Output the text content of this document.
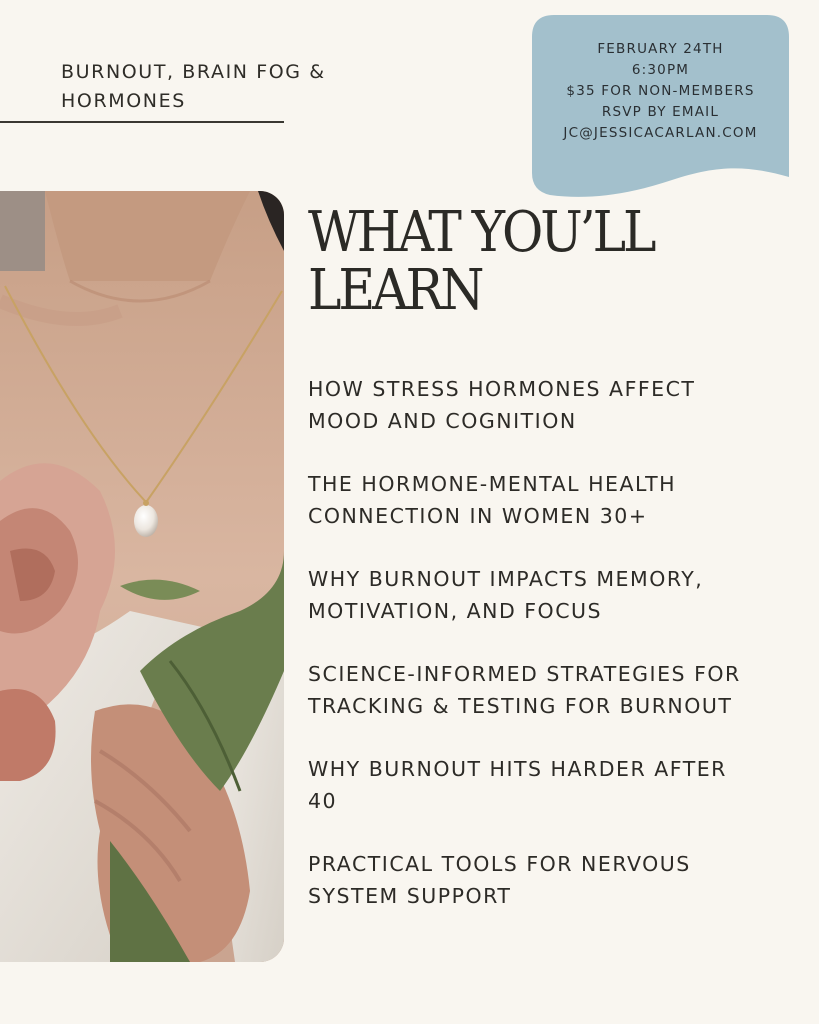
BURNOUT, BRAIN FOG &
HORMONES
FEBRUARY 24TH
6:30PM
$35 FOR NON-MEMBERS
RSVP BY EMAIL
JC@JESSICACARLAN.COM
WHAT YOU’LL
LEARN
HOW STRESS HORMONES AFFECT
MOOD AND COGNITION
THE HORMONE-MENTAL HEALTH
CONNECTION IN WOMEN 30+
WHY BURNOUT IMPACTS MEMORY,
MOTIVATION, AND FOCUS
SCIENCE-INFORMED STRATEGIES FOR
TRACKING & TESTING FOR BURNOUT
WHY BURNOUT HITS HARDER AFTER
40
PRACTICAL TOOLS FOR NERVOUS
SYSTEM SUPPORT
